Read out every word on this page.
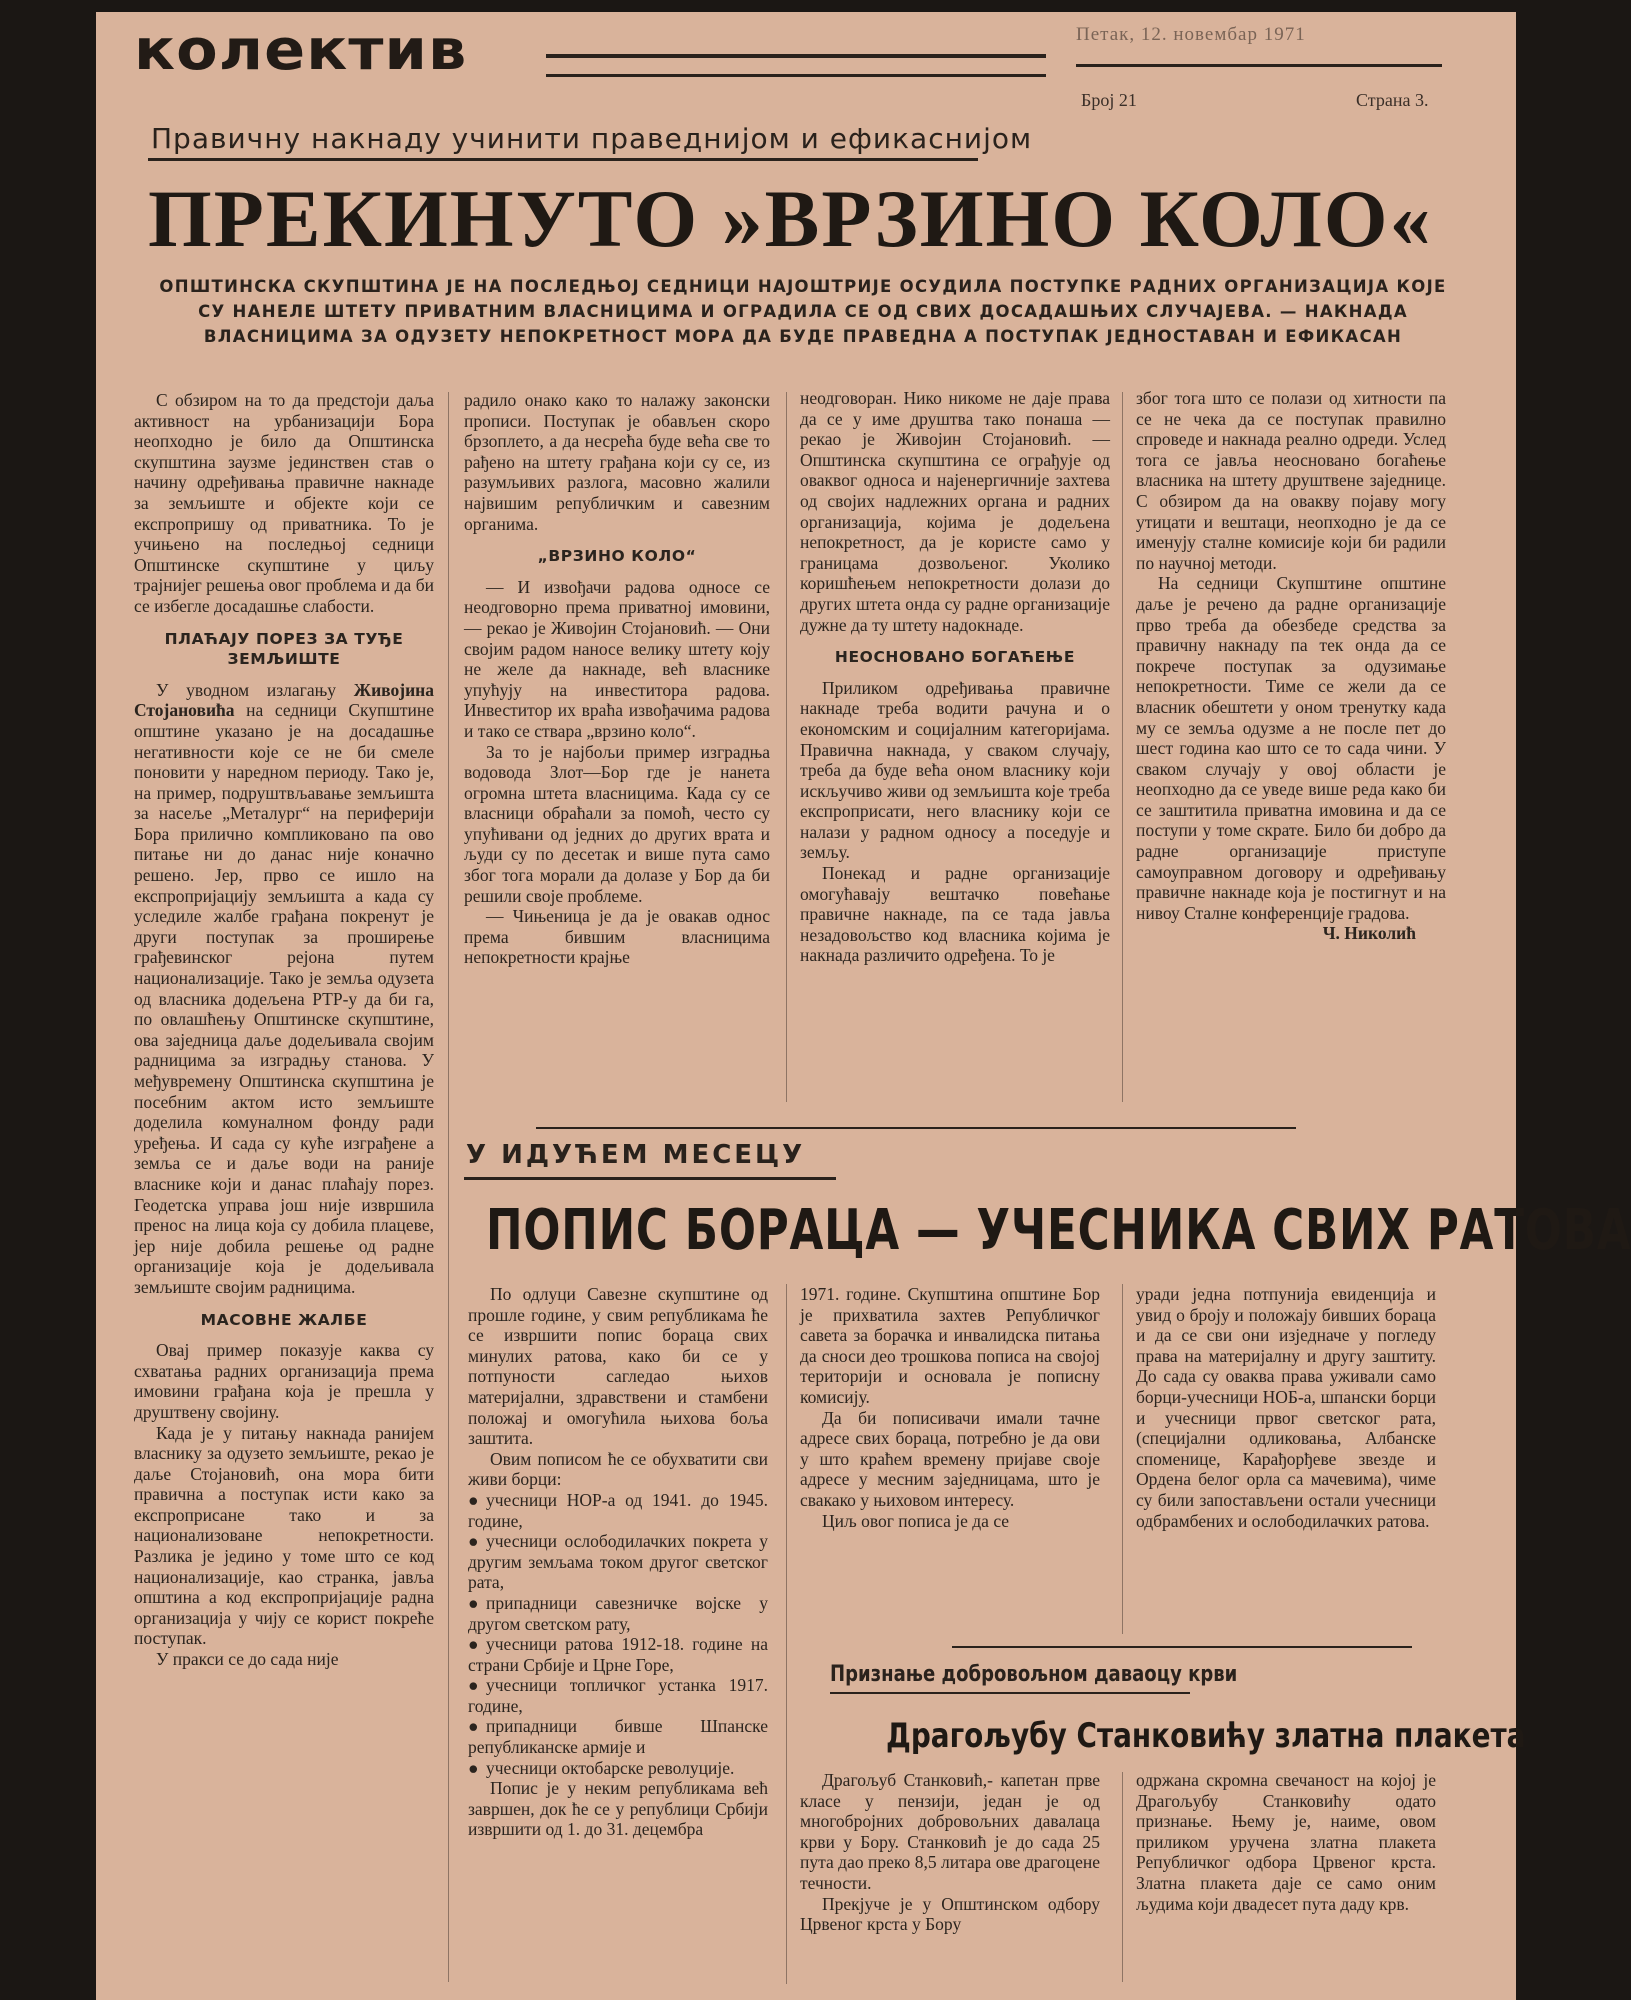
колектив	Петак, 12. новембар 1971
Број 21	Страна 3.
Правичну накнаду учинити праведнијом и ефикаснијом
ПРЕКИНУТО »ВРЗИНО КОЛО«
ОПШТИНСКА СКУПШТИНА ЈЕ НА ПОСЛЕДЊОЈ СЕДНИЦИ НАЈОШТРИЈЕ ОСУДИЛА ПОСТУПКЕ РАДНИХ ОРГАНИЗАЦИЈА КОЈЕ СУ НАНЕЛЕ ШТЕТУ ПРИВАТНИМ ВЛАСНИЦИМА И ОГРАДИЛА СЕ ОД СВИХ ДОСАДАШЊИХ СЛУЧАЈЕВА. — НАКНАДА ВЛАСНИЦИМА ЗА ОДУЗЕТУ НЕПОКРЕТНОСТ МОРА ДА БУДЕ ПРАВЕДНА А ПОСТУПАК ЈЕДНОСТАВАН И ЕФИКАСАН

С обзиром на то да предстоји даља активност на урбанизацији Бора неопходно је било да Општинска скупштина заузме јединствен став о начину одређивања правичне накнаде за земљиште и објекте који се експропришу од приватника. То је учињено на последњој седници Општинске скупштине у циљу трајнијег решења овог проблема и да би се избегле досадашње слабости.

ПЛАЋАЈУ ПОРЕЗ ЗА ТУЂЕ ЗЕМЉИШТЕ

У уводном излагању Живојина Стојановића на седници Скупштине општине указано је на досадашње негативности које се не би смеле поновити у наредном периоду. Тако је, на пример, подруштвљавање земљишта за насеље „Металург“ на периферији Бора прилично компликовано па ово питање ни до данас није коначно решено. Јер, прво се ишло на експропријацију земљишта а када су уследиле жалбе грађана покренут је други поступак за проширење грађевинског рејона путем национализације. Тако је земља одузета од власника додељена РТР-у да би га, по овлашћењу Општинске скупштине, ова заједница даље додељивала својим радницима за изградњу станова. У међувремену Општинска скупштина је посебним актом исто земљиште доделила комуналном фонду ради уређења. И сада су куће изграђене а земља се и даље води на раније власнике који и данас плаћају порез. Геодетска управа још није извршила пренос на лица која су добила плацеве, јер није добила решење од радне организације која је додељивала земљиште својим радницима.

МАСОВНЕ ЖАЛБЕ

Овај пример показује каква су схватања радних организација према имовини грађана која је прешла у друштвену својину.

Када је у питању накнада ранијем власнику за одузето земљиште, рекао је даље Стојановић, она мора бити правична а поступак исти како за експроприсане тако и за национализоване непокретности. Разлика је једино у томе што се код национализације, као странка, јавља општина а код експропријације радна организација у чију се корист покреће поступак.

У пракси се до сада није

радило онако како то налажу законски прописи. Поступак је обављен скоро брзоплето, а да несрећа буде већа све то рађено на штету грађана који су се, из разумљивих разлога, масовно жалили највишим републичким и савезним органима.

„ВРЗИНО КОЛО“

— И извођачи радова односе се неодговорно према приватној имовини, — рекао је Живојин Стојановић. — Они својим радом наносе велику штету коју не желе да накнаде, већ власнике упућују на инвеститора радова. Инвеститор их враћа извођачима радова и тако се ствара „врзино коло“.

За то је најбољи пример изградња водовода Злот—Бор где је нанета огромна штета власницима. Када су се власници обраћали за помоћ, често су упућивани од једних до других врата и људи су по десетак и више пута само због тога морали да долазе у Бор да би решили своје проблеме.

— Чињеница је да је овакав однос према бившим власницима непокретности крајње

неодговоран. Нико никоме не даје права да се у име друштва тако понаша — рекао је Живојин Стојановић. — Општинска скупштина се ограђује од оваквог односа и најенергичније захтева од својих надлежних органа и радних организација, којима је додељена непокретност, да је користе само у границама дозвољеног. Уколико коришћењем непокретности долази до других штета онда су радне организације дужне да ту штету надокнаде.

НЕОСНОВАНО БОГАЋЕЊЕ

Приликом одређивања правичне накнаде треба водити рачуна и о економским и социјалним категоријама. Правична накнада, у сваком случају, треба да буде већа оном власнику који искључиво живи од земљишта које треба експроприсати, него власнику који се налази у радном односу а поседује и земљу.

Понекад и радне организације омогућавају вештачко повећање правичне накнаде, па се тада јавља незадовољство код власника којима је накнада различито одређена. То је

због тога што се полази од хитности па се не чека да се поступак правилно спроведе и накнада реално одреди. Услед тога се јавља неосновано богаћење власника на штету друштвене заједнице. С обзиром да на овакву појаву могу утицати и вештаци, неопходно је да се именују сталне комисије који би радили по научној методи.

На седници Скупштине општине даље је речено да радне организације прво треба да обезбеде средства за правичну накнаду па тек онда да се покрече поступак за одузимање непокретности. Тиме се жели да се власник обештети у оном тренутку када му се земља одузме а не после пет до шест година као што се то сада чини. У сваком случају у овој области је неопходно да се уведе више реда како би се заштитила приватна имовина и да се поступи у томе скрате. Било би добро да радне организације приступе самоуправном договору и одређивању правичне накнаде која је постигнут и на нивоу Сталне конференције градова.

Ч. Николић

У ИДУЋЕМ МЕСЕЦУ
ПОПИС БОРАЦА — УЧЕСНИКА СВИХ РАТОВА

По одлуци Савезне скупштине од прошле године, у свим републикама ће се извршити попис бораца свих минулих ратова, како би се у потпуности сагледао њихов материјални, здравствени и стамбени положај и омогућила њихова боља заштита.

Овим пописом ће се обухватити сви живи борци:

● учесници НОР-а од 1941. до 1945. године,

● учесници ослободилачких покрета у другим земљама током другог светског рата,

● припадници савезничке војске у другом светском рату,

● учесници ратова 1912-18. године на страни Србије и Црне Горе,

● учесници топличког устанка 1917. године,

● припадници бивше Шпанске републиканске армије и

● учесници октобарске револуције.

Попис је у неким републикама већ завршен, док ће се у републици Србији извршити од 1. до 31. децембра

1971. године. Скупштина општине Бор је прихватила захтев Републичког савета за борачка и инвалидска питања да сноси део трошкова пописа на својој територији и основала је пописну комисију.

Да би пописивачи имали тачне адресе свих бораца, потребно је да ови у што краћем времену пријаве своје адресе у месним заједницама, што је свакако у њиховом интересу.

Циљ овог пописа је да се

уради једна потпунија евиденција и увид о броју и положају бивших бораца и да се сви они изједначе у погледу права на материјалну и другу заштиту. До сада су оваква права уживали само борци-учесници НОБ-а, шпански борци и учесници првог светског рата, (специјални одликовања, Албанске споменице, Карађорђеве звезде и Ордена белог орла са мачевима), чиме су били запостављени остали учесници одбрамбених и ослободилачких ратова.

Признање добровољном даваоцу крви
Драгољубу Станковићу златна плакета

Драгољуб Станковић,- капетан прве класе у пензији, један је од многобројних добровољних давалаца крви у Бору. Станковић је до сада 25 пута дао преко 8,5 литара ове драгоцене течности.

Прекјуче је у Општинском одбору Црвеног крста у Бору

одржана скромна свечаност на којој је Драгољубу Станковићу одато признање. Њему је, наиме, овом приликом уручена златна плакета Републичког одбора Црвеног крста. Златна плакета даје се само оним људима који двадесет пута даду крв.
